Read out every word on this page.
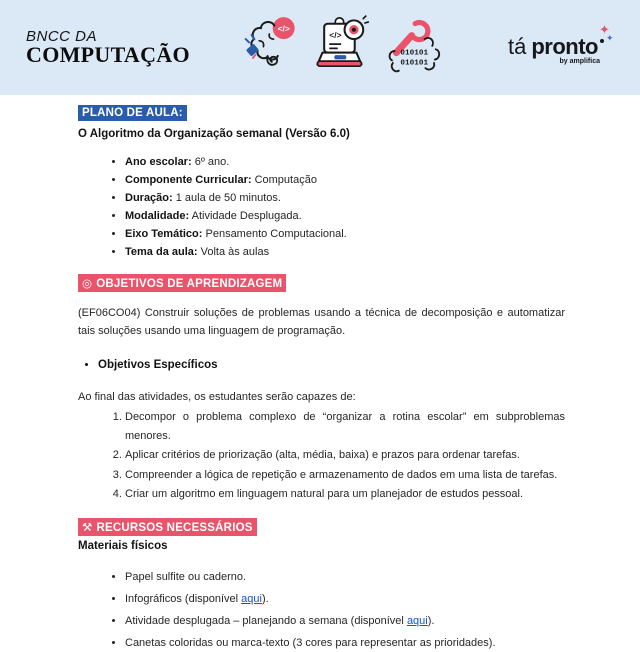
BNCC DA
COMPUTAÇÃO
</>
</>
010101
010101
tá pronto
✦
✦
by amplifica
PLANO DE AULA:
O Algoritmo da Organização semanal (Versão 6.0)
• Ano escolar: 6º ano.
• Componente Curricular: Computação
• Duração: 1 aula de 50 minutos.
• Modalidade: Atividade Desplugada.
• Eixo Temático: Pensamento Computacional.
• Tema da aula: Volta às aulas
◎ OBJETIVOS DE APRENDIZAGEM

(EF06CO04) Construir soluções de problemas usando a técnica de decomposição e automatizar tais soluções usando uma linguagem de programação.

• Objetivos Específicos

Ao final das atividades, os estudantes serão capazes de:

1. Decompor o problema complexo de “organizar a rotina escolar” em subproblemas menores.
2. Aplicar critérios de priorização (alta, média, baixa) e prazos para ordenar tarefas.
3. Compreender a lógica de repetição e armazenamento de dados em uma lista de tarefas.
4. Criar um algoritmo em linguagem natural para um planejador de estudos pessoal.
⚒ RECURSOS NECESSÁRIOS
Materiais físicos
• Papel sulfite ou caderno.
• Infográficos (disponível aqui).
• Atividade desplugada – planejando a semana (disponível aqui).
• Canetas coloridas ou marca-texto (3 cores para representar as prioridades).
